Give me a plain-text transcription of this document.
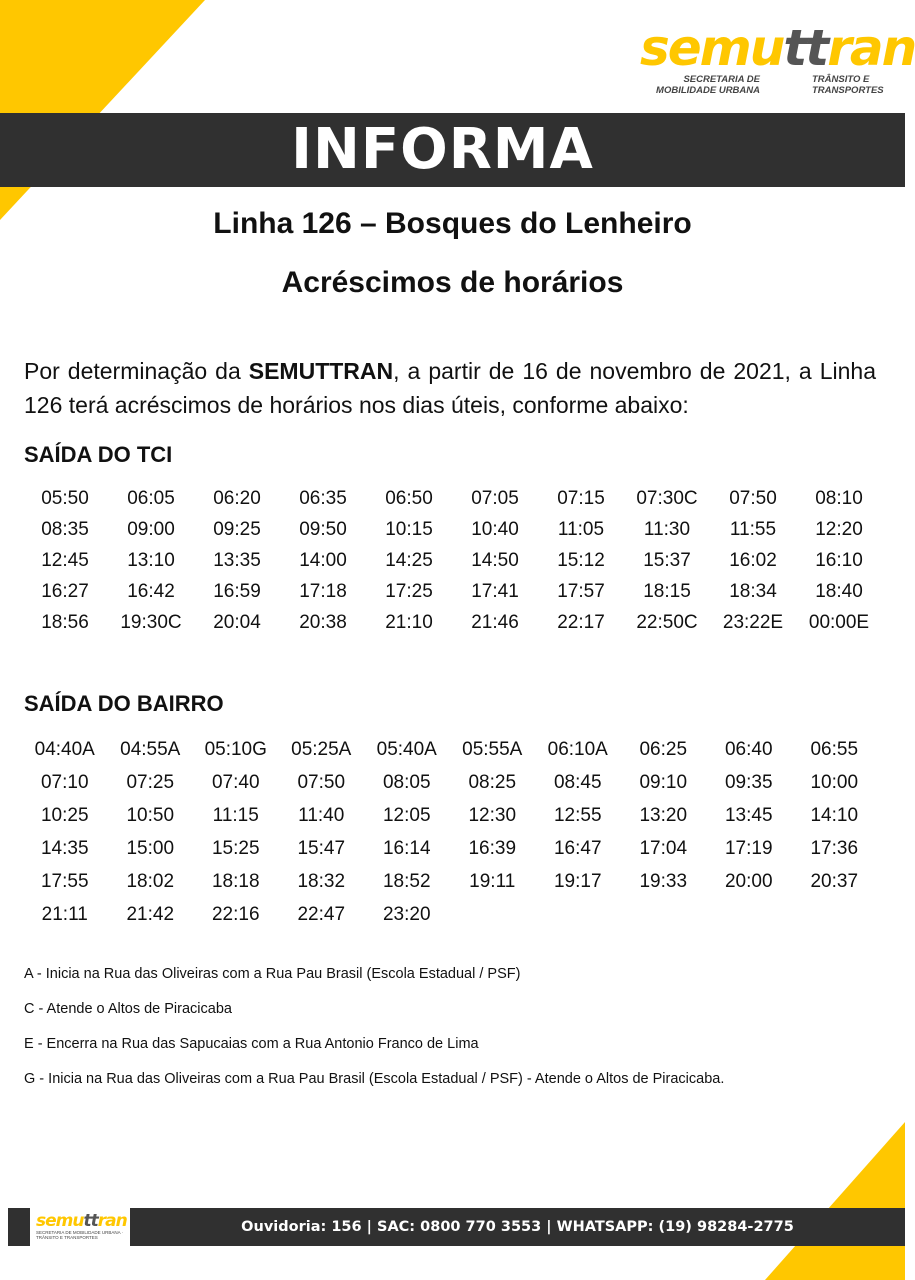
semuttran
SECRETARIA DE
MOBILIDADE URBANA
TRÂNSITO E
TRANSPORTES
INFORMA
Linha 126 – Bosques do Lenheiro
Acréscimos de horários
Por determinação da SEMUTTRAN, a partir de 16 de novembro de 2021, a Linha 126 terá acréscimos de horários nos dias úteis, conforme abaixo:
SAÍDA DO TCI
05:50	06:05	06:20	06:35	06:50	07:05	07:15	07:30C	07:50	08:10
08:35	09:00	09:25	09:50	10:15	10:40	11:05	11:30	11:55	12:20
12:45	13:10	13:35	14:00	14:25	14:50	15:12	15:37	16:02	16:10
16:27	16:42	16:59	17:18	17:25	17:41	17:57	18:15	18:34	18:40
18:56	19:30C	20:04	20:38	21:10	21:46	22:17	22:50C	23:22E	00:00E
SAÍDA DO BAIRRO
04:40A	04:55A	05:10G	05:25A	05:40A	05:55A	06:10A	06:25	06:40	06:55
07:10	07:25	07:40	07:50	08:05	08:25	08:45	09:10	09:35	10:00
10:25	10:50	11:15	11:40	12:05	12:30	12:55	13:20	13:45	14:10
14:35	15:00	15:25	15:47	16:14	16:39	16:47	17:04	17:19	17:36
17:55	18:02	18:18	18:32	18:52	19:11	19:17	19:33	20:00	20:37
21:11	21:42	22:16	22:47	23:20
A - Inicia na Rua das Oliveiras com a Rua Pau Brasil (Escola Estadual / PSF)
C - Atende o Altos de Piracicaba
E - Encerra na Rua das Sapucaias com a Rua Antonio Franco de Lima
G - Inicia na Rua das Oliveiras com a Rua Pau Brasil (Escola Estadual / PSF) - Atende o Altos de Piracicaba.
semuttran
SECRETARIA DE MOBILIDADE URBANA · TRÂNSITO E TRANSPORTES
Ouvidoria: 156 | SAC: 0800 770 3553 | WHATSAPP: (19) 98284-2775
